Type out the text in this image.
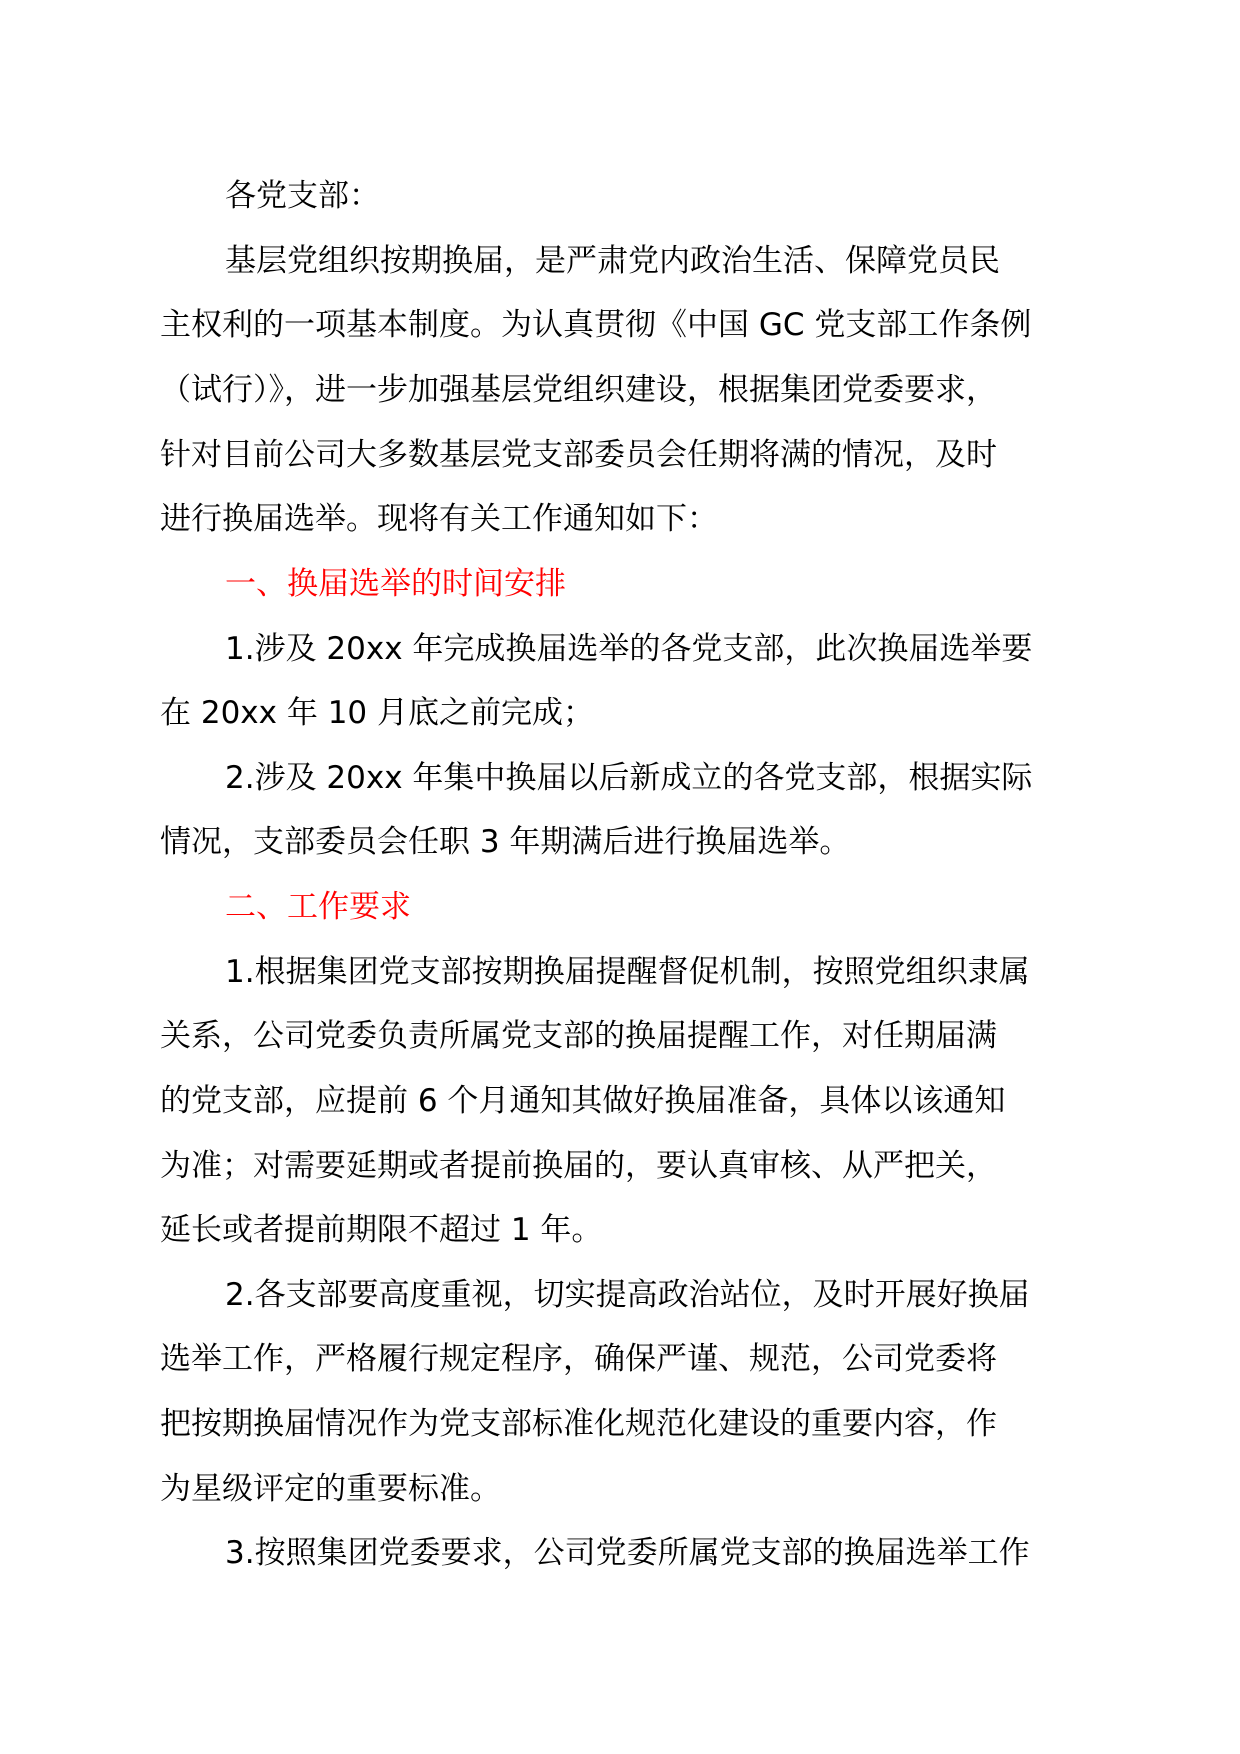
各党支部：
基层党组织按期换届，是严肃党内政治生活、保障党员民
主权利的一项基本制度。为认真贯彻《中国 GC 党支部工作条例
（试行）》，进一步加强基层党组织建设，根据集团党委要求，
针对目前公司大多数基层党支部委员会任期将满的情况，及时
进行换届选举。现将有关工作通知如下：
一、换届选举的时间安排
1.涉及 20xx 年完成换届选举的各党支部，此次换届选举要
在 20xx 年 10 月底之前完成；
2.涉及 20xx 年集中换届以后新成立的各党支部，根据实际
情况，支部委员会任职 3 年期满后进行换届选举。
二、工作要求
1.根据集团党支部按期换届提醒督促机制，按照党组织隶属
关系，公司党委负责所属党支部的换届提醒工作，对任期届满
的党支部，应提前 6 个月通知其做好换届准备，具体以该通知
为准；对需要延期或者提前换届的，要认真审核、从严把关，
延长或者提前期限不超过 1 年。
2.各支部要高度重视，切实提高政治站位，及时开展好换届
选举工作，严格履行规定程序，确保严谨、规范，公司党委将
把按期换届情况作为党支部标准化规范化建设的重要内容，作
为星级评定的重要标准。
3.按照集团党委要求，公司党委所属党支部的换届选举工作
